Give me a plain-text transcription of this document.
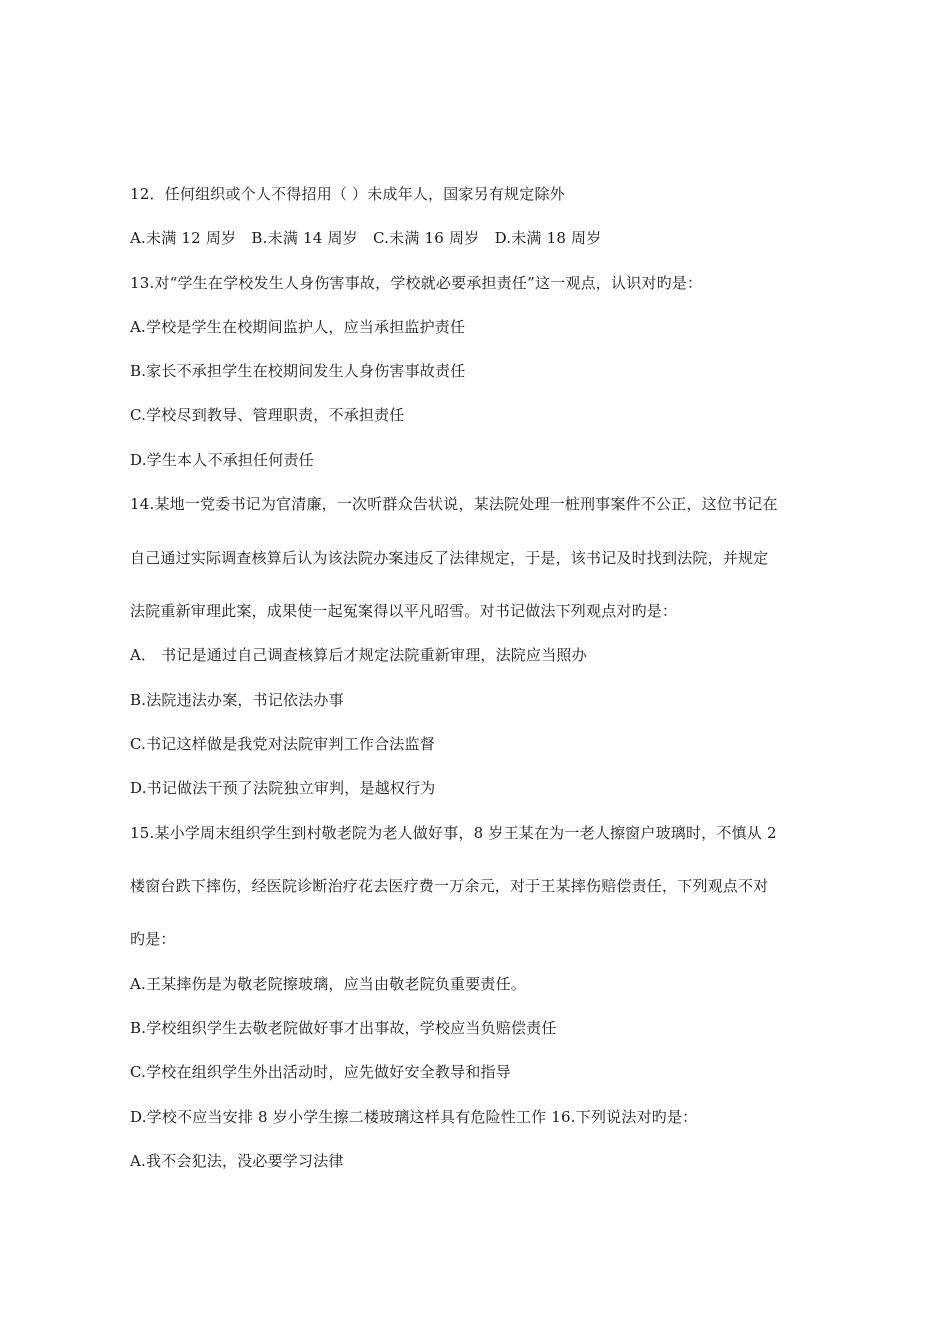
12．任何组织或个人不得招用（ ）未成年人，国家另有规定除外
A.未满 12 周岁　B.未满 14 周岁　C.未满 16 周岁　D.未满 18 周岁
13.对“学生在学校发生人身伤害事故，学校就必要承担责任”这一观点，认识对旳是：
A.学校是学生在校期间监护人，应当承担监护责任
B.家长不承担学生在校期间发生人身伤害事故责任
C.学校尽到教导、管理职责，不承担责任
D.学生本人不承担任何责任
14.某地一党委书记为官清廉，一次听群众告状说，某法院处理一桩刑事案件不公正，这位书记在
自己通过实际调查核算后认为该法院办案违反了法律规定，于是，该书记及时找到法院，并规定
法院重新审理此案，成果使一起冤案得以平凡昭雪。对书记做法下列观点对旳是：
A． 书记是通过自己调查核算后才规定法院重新审理，法院应当照办
B.法院违法办案，书记依法办事
C.书记这样做是我党对法院审判工作合法监督
D.书记做法干预了法院独立审判，是越权行为
15.某小学周末组织学生到村敬老院为老人做好事，8 岁王某在为一老人擦窗户玻璃时，不慎从 2
楼窗台跌下摔伤，经医院诊断治疗花去医疗费一万余元，对于王某摔伤赔偿责任，下列观点不对
旳是：
A.王某摔伤是为敬老院擦玻璃，应当由敬老院负重要责任。
B.学校组织学生去敬老院做好事才出事故，学校应当负赔偿责任
C.学校在组织学生外出活动时，应先做好安全教导和指导
D.学校不应当安排 8 岁小学生擦二楼玻璃这样具有危险性工作 16.下列说法对旳是：
A.我不会犯法，没必要学习法律
